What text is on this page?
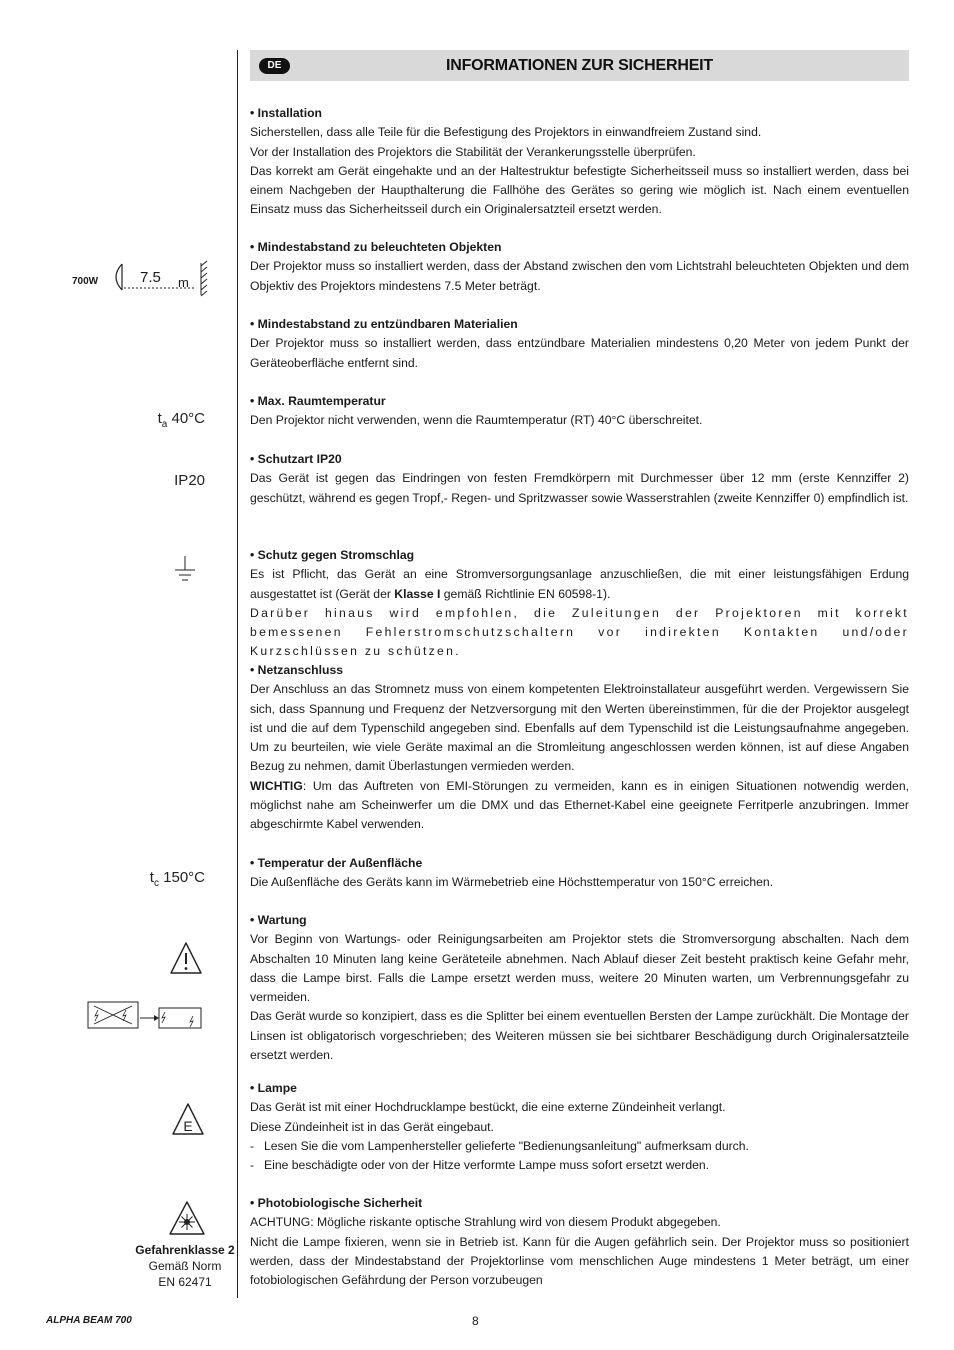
DE	INFORMATIONEN ZUR SICHERHEIT
700W	7.5 m
$t_a$ 40°C
IP20
$t_c$ 150°C
E
Gefahrenklasse 2
Gemäß Norm
EN 62471
• Installation

Sicherstellen, dass alle Teile für die Befestigung des Projektors in einwandfreiem Zustand sind.

Vor der Installation des Projektors die Stabilität der Verankerungsstelle überprüfen.

Das korrekt am Gerät eingehakte und an der Haltestruktur befestigte Sicherheitsseil muss so installiert werden, dass bei einem Nachgeben der Haupthalterung die Fallhöhe des Gerätes so gering wie möglich ist. Nach einem eventuellen Einsatz muss das Sicherheitsseil durch ein Originalersatzteil ersetzt werden.

• Mindestabstand zu beleuchteten Objekten

Der Projektor muss so installiert werden, dass der Abstand zwischen den vom Lichtstrahl beleuchteten Objekten und dem Objektiv des Projektors mindestens 7.5 Meter beträgt.

• Mindestabstand zu entzündbaren Materialien

Der Projektor muss so installiert werden, dass entzündbare Materialien mindestens 0,20 Meter von jedem Punkt der Geräteoberfläche entfernt sind.

• Max. Raumtemperatur

Den Projektor nicht verwenden, wenn die Raumtemperatur (RT) 40°C überschreitet.

• Schutzart IP20

Das Gerät ist gegen das Eindringen von festen Fremdkörpern mit Durchmesser über 12 mm (erste Kennziffer 2) geschützt, während es gegen Tropf,- Regen- und Spritzwasser sowie Wasserstrahlen (zweite Kennziffer 0) empfindlich ist.

• Schutz gegen Stromschlag

Es ist Pflicht, das Gerät an eine Stromversorgungsanlage anzuschließen, die mit einer leistungsfähigen Erdung ausgestattet ist (Gerät der Klasse I gemäß Richtlinie EN 60598-1).

Darüber hinaus wird empfohlen, die Zuleitungen der Projektoren mit korrekt bemessenen Fehlerstromschutzschaltern vor indirekten Kontakten und/oder Kurzschlüssen zu schützen.

• Netzanschluss

Der Anschluss an das Stromnetz muss von einem kompetenten Elektroinstallateur ausgeführt werden. Vergewissern Sie sich, dass Spannung und Frequenz der Netzversorgung mit den Werten übereinstimmen, für die der Projektor ausgelegt ist und die auf dem Typenschild angegeben sind. Ebenfalls auf dem Typenschild ist die Leistungsaufnahme angegeben. Um zu beurteilen, wie viele Geräte maximal an die Stromleitung angeschlossen werden können, ist auf diese Angaben Bezug zu nehmen, damit Überlastungen vermieden werden.

WICHTIG: Um das Auftreten von EMI-Störungen zu vermeiden, kann es in einigen Situationen notwendig werden, möglichst nahe am Scheinwerfer um die DMX und das Ethernet-Kabel eine geeignete Ferritperle anzubringen. Immer abgeschirmte Kabel verwenden.

• Temperatur der Außenfläche

Die Außenfläche des Geräts kann im Wärmebetrieb eine Höchsttemperatur von 150°C erreichen.

• Wartung

Vor Beginn von Wartungs- oder Reinigungsarbeiten am Projektor stets die Stromversorgung abschalten. Nach dem Abschalten 10 Minuten lang keine Geräteteile abnehmen. Nach Ablauf dieser Zeit besteht praktisch keine Gefahr mehr, dass die Lampe birst. Falls die Lampe ersetzt werden muss, weitere 20 Minuten warten, um Verbrennungsgefahr zu vermeiden.

Das Gerät wurde so konzipiert, dass es die Splitter bei einem eventuellen Bersten der Lampe zurückhält. Die Montage der Linsen ist obligatorisch vorgeschrieben; des Weiteren müssen sie bei sichtbarer Beschädigung durch Originalersatzteile ersetzt werden.

• Lampe

Das Gerät ist mit einer Hochdrucklampe bestückt, die eine externe Zündeinheit verlangt.

Diese Zündeinheit ist in das Gerät eingebaut.

- Lesen Sie die vom Lampenhersteller gelieferte "Bedienungsanleitung" aufmerksam durch.
- Eine beschädigte oder von der Hitze verformte Lampe muss sofort ersetzt werden.
• Photobiologische Sicherheit

ACHTUNG: Mögliche riskante optische Strahlung wird von diesem Produkt abgegeben.

Nicht die Lampe fixieren, wenn sie in Betrieb ist. Kann für die Augen gefährlich sein. Der Projektor muss so positioniert werden, dass der Mindestabstand der Projektorlinse vom menschlichen Auge mindestens 1 Meter beträgt, um einer fotobiologischen Gefährdung der Person vorzubeugen

ALPHA BEAM 700	8
